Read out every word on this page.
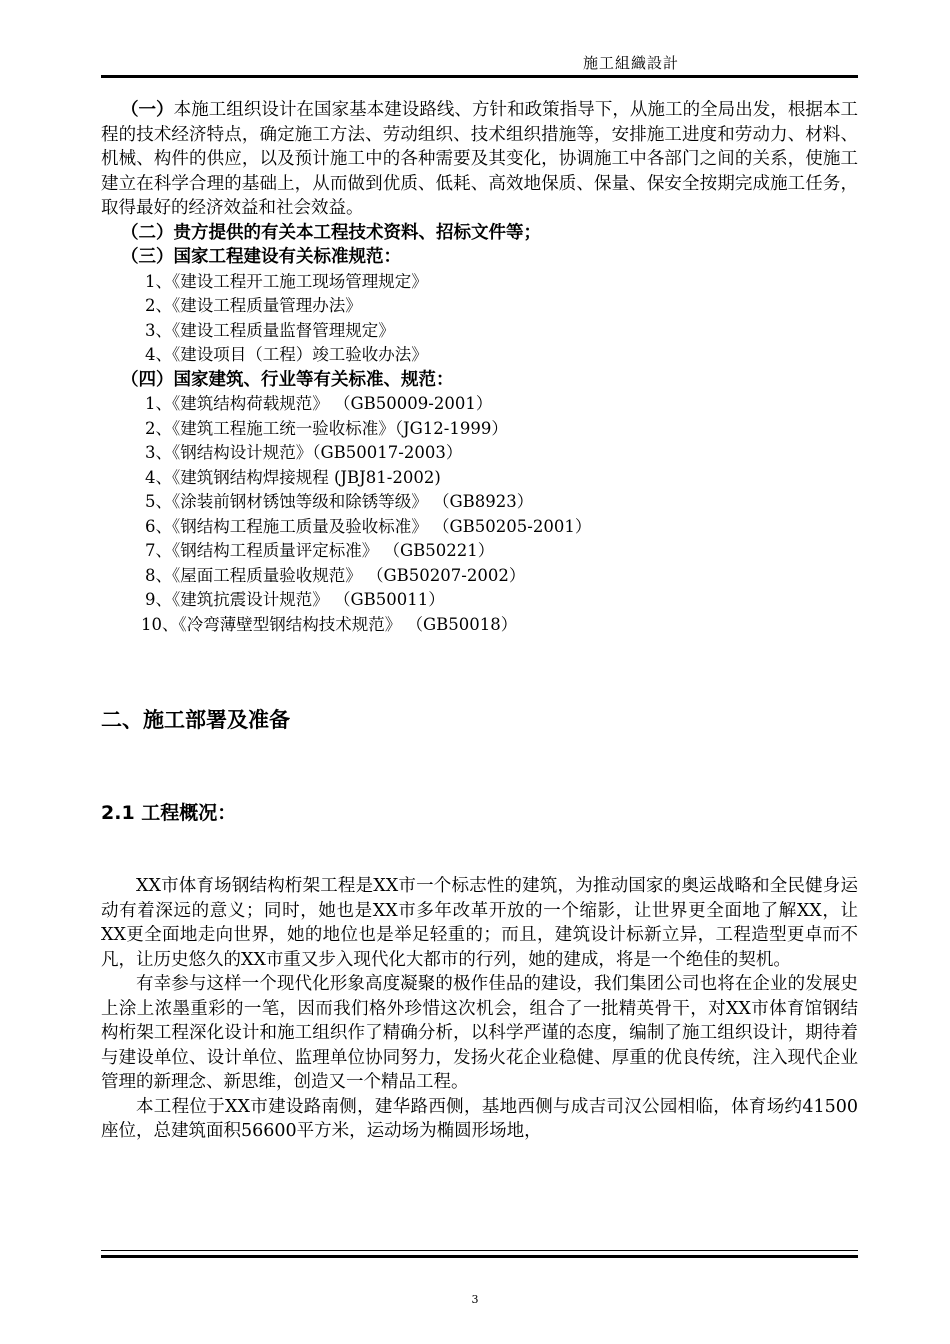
施工組織設計

（一）本施工组织设计在国家基本建设路线、方针和政策指导下，从施工的全局出发，根据本工程的技术经济特点，确定施工方法、劳动组织、技术组织措施等，安排施工进度和劳动力、材料、机械、构件的供应，以及预计施工中的各种需要及其变化，协调施工中各部门之间的关系，使施工建立在科学合理的基础上，从而做到优质、低耗、高效地保质、保量、保安全按期完成施工任务，取得最好的经济效益和社会效益。

（二）贵方提供的有关本工程技术资料、招标文件等；

（三）国家工程建设有关标准规范：

1、《建设工程开工施工现场管理规定》

2、《建设工程质量管理办法》

3、《建设工程质量监督管理规定》

4、《建设项目（工程）竣工验收办法》

（四）国家建筑、行业等有关标准、规范：

1、《建筑结构荷载规范》 （GB50009-2001）

2、《建筑工程施工统一验收标准》（JG12-1999）

3、《钢结构设计规范》（GB50017-2003）

4、《建筑钢结构焊接规程 (JBJ81-2002)

5、《涂装前钢材锈蚀等级和除锈等级》 （GB8923）

6、《钢结构工程施工质量及验收标准》 （GB50205-2001）

7、《钢结构工程质量评定标准》 （GB50221）

8、《屋面工程质量验收规范》 （GB50207-2002）

9、《建筑抗震设计规范》 （GB50011）

10、《冷弯薄壁型钢结构技术规范》 （GB50018）

二、施工部署及准备
2.1 工程概况：

XX市体育场钢结构桁架工程是XX市一个标志性的建筑，为推动国家的奥运战略和全民健身运动有着深远的意义；同时，她也是XX市多年改革开放的一个缩影，让世界更全面地了解XX，让XX更全面地走向世界，她的地位也是举足轻重的；而且，建筑设计标新立异，工程造型更卓而不凡，让历史悠久的XX市重又步入现代化大都市的行列，她的建成，将是一个绝佳的契机。

有幸参与这样一个现代化形象高度凝聚的极作佳品的建设，我们集团公司也将在企业的发展史上涂上浓墨重彩的一笔，因而我们格外珍惜这次机会，组合了一批精英骨干，对XX市体育馆钢结构桁架工程深化设计和施工组织作了精确分析，以科学严谨的态度，编制了施工组织设计，期待着与建设单位、设计单位、监理单位协同努力，发扬火花企业稳健、厚重的优良传统，注入现代企业管理的新理念、新思维，创造又一个精品工程。

本工程位于XX市建设路南侧，建华路西侧，基地西侧与成吉司汉公园相临，体育场约41500座位，总建筑面积56600平方米，运动场为椭圆形场地，

3
